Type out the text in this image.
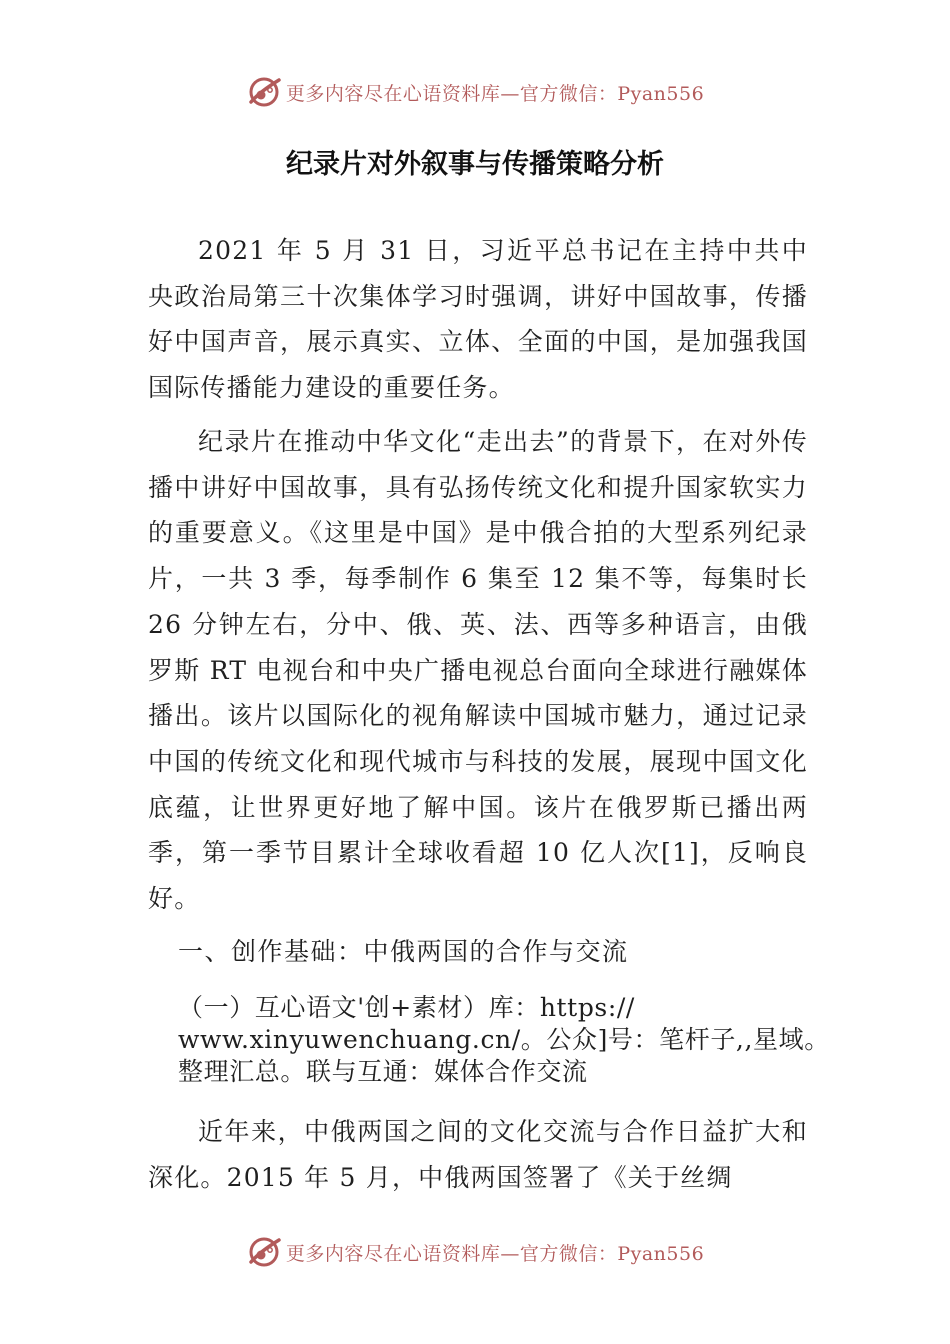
更多内容尽在心语资料库—官方微信：Pyan556
纪录片对外叙事与传播策略分析

2021 年 5 月 31 日，习近平总书记在主持中共中央政治局第三十次集体学习时强调，讲好中国故事，传播好中国声音，展示真实、立体、全面的中国，是加强我国国际传播能力建设的重要任务。

纪录片在推动中华文化“走出去”的背景下，在对外传播中讲好中国故事，具有弘扬传统文化和提升国家软实力的重要意义。《这里是中国》是中俄合拍的大型系列纪录片，一共 3 季，每季制作 6 集至 12 集不等，每集时长 26 分钟左右，分中、俄、英、法、西等多种语言，由俄罗斯 RT 电视台和中央广播电视总台面向全球进行融媒体播出。该片以国际化的视角解读中国城市魅力，通过记录中国的传统文化和现代城市与科技的发展，展现中国文化底蕴，让世界更好地了解中国。该片在俄罗斯已播出两季，第一季节目累计全球收看超 10 亿人次[1]，反响良好。

一、创作基础：中俄两国的合作与交流

（一）互心语文'创+素材）库：https://
www.xinyuwenchuang.cn/。公众]号：笔杆子,,星域。
整理汇总。联与互通：媒体合作交流

近年来，中俄两国之间的文化交流与合作日益扩大和深化。2015 年 5 月，中俄两国签署了《关于丝绸

更多内容尽在心语资料库—官方微信：Pyan556
